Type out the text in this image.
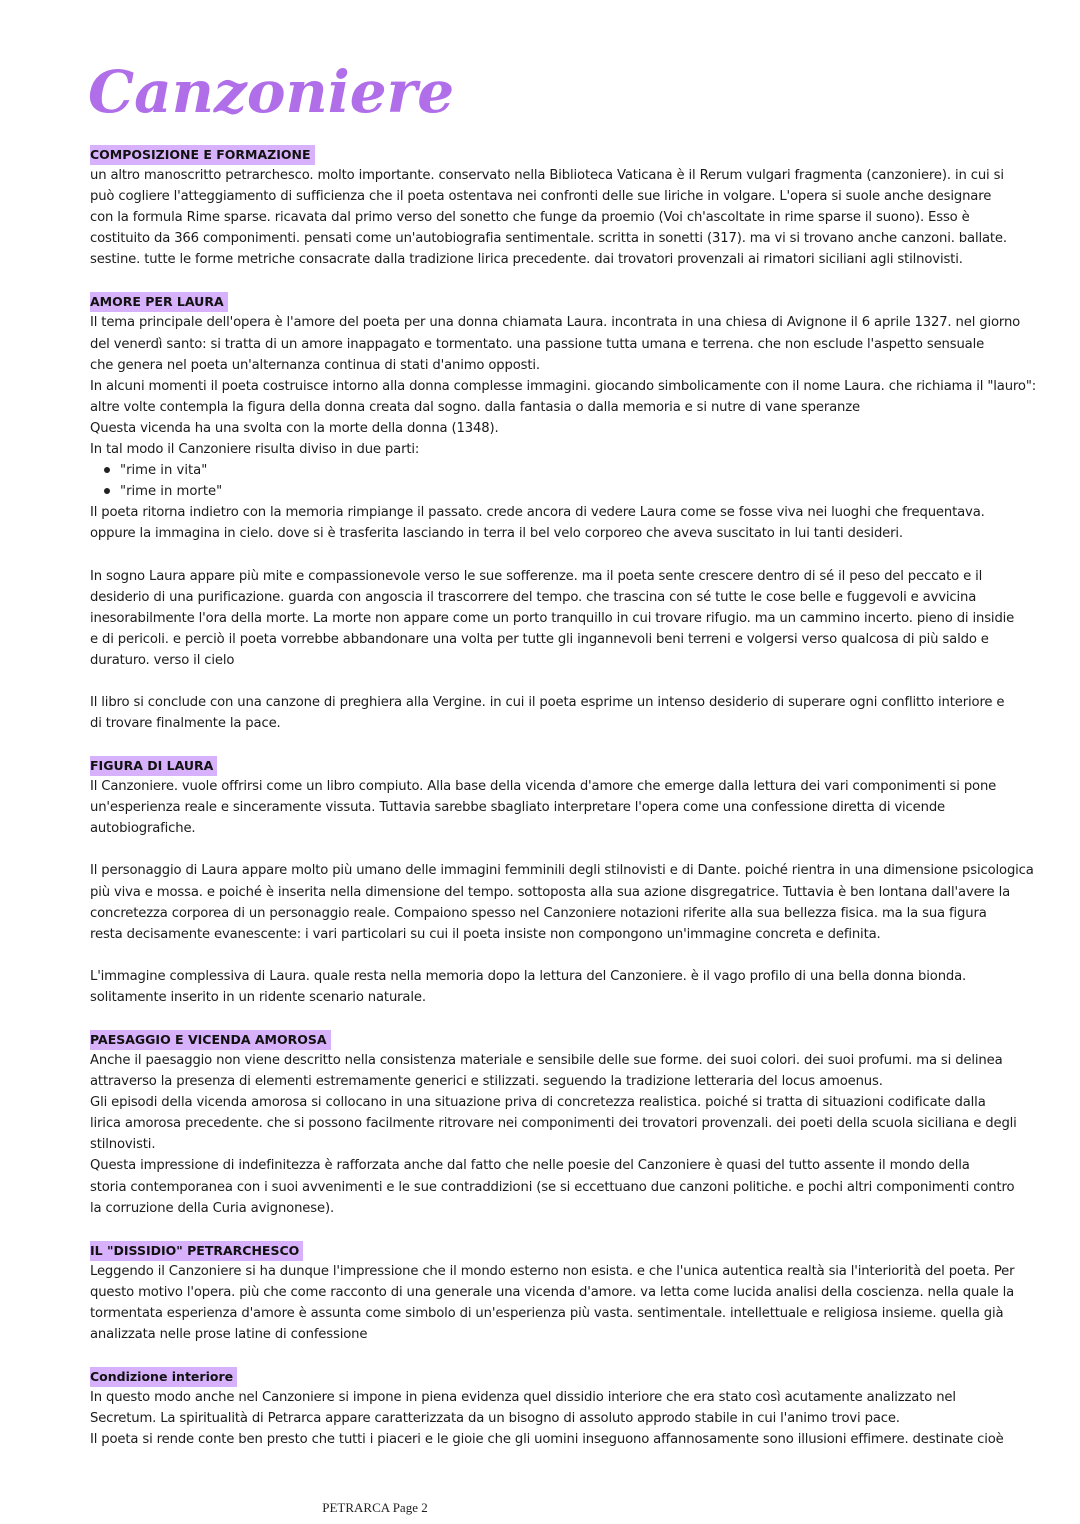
Canzoniere
COMPOSIZIONE E FORMAZIONE
un altro manoscritto petrarchesco. molto importante. conservato nella Biblioteca Vaticana è il Rerum vulgari fragmenta (canzoniere). in cui si
può cogliere l'atteggiamento di sufficienza che il poeta ostentava nei confronti delle sue liriche in volgare. L'opera si suole anche designare
con la formula Rime sparse. ricavata dal primo verso del sonetto che funge da proemio (Voi ch'ascoltate in rime sparse il suono). Esso è
costituito da 366 componimenti. pensati come un'autobiografia sentimentale. scritta in sonetti (317). ma vi si trovano anche canzoni. ballate.
sestine. tutte le forme metriche consacrate dalla tradizione lirica precedente. dai trovatori provenzali ai rimatori siciliani agli stilnovisti.
AMORE PER LAURA
Il tema principale dell'opera è l'amore del poeta per una donna chiamata Laura. incontrata in una chiesa di Avignone il 6 aprile 1327. nel giorno
del venerdì santo: si tratta di un amore inappagato e tormentato. una passione tutta umana e terrena. che non esclude l'aspetto sensuale
che genera nel poeta un'alternanza continua di stati d'animo opposti.
In alcuni momenti il poeta costruisce intorno alla donna complesse immagini. giocando simbolicamente con il nome Laura. che richiama il "lauro":
altre volte contempla la figura della donna creata dal sogno. dalla fantasia o dalla memoria e si nutre di vane speranze
Questa vicenda ha una svolta con la morte della donna (1348).
In tal modo il Canzoniere risulta diviso in due parti:
"rime in vita"
"rime in morte"
Il poeta ritorna indietro con la memoria rimpiange il passato. crede ancora di vedere Laura come se fosse viva nei luoghi che frequentava.
oppure la immagina in cielo. dove si è trasferita lasciando in terra il bel velo corporeo che aveva suscitato in lui tanti desideri.
In sogno Laura appare più mite e compassionevole verso le sue sofferenze. ma il poeta sente crescere dentro di sé il peso del peccato e il
desiderio di una purificazione. guarda con angoscia il trascorrere del tempo. che trascina con sé tutte le cose belle e fuggevoli e avvicina
inesorabilmente l'ora della morte. La morte non appare come un porto tranquillo in cui trovare rifugio. ma un cammino incerto. pieno di insidie
e di pericoli. e perciò il poeta vorrebbe abbandonare una volta per tutte gli ingannevoli beni terreni e volgersi verso qualcosa di più saldo e
duraturo. verso il cielo
Il libro si conclude con una canzone di preghiera alla Vergine. in cui il poeta esprime un intenso desiderio di superare ogni conflitto interiore e
di trovare finalmente la pace.
FIGURA DI LAURA
Il Canzoniere. vuole offrirsi come un libro compiuto. Alla base della vicenda d'amore che emerge dalla lettura dei vari componimenti si pone
un'esperienza reale e sinceramente vissuta. Tuttavia sarebbe sbagliato interpretare l'opera come una confessione diretta di vicende
autobiografiche.
Il personaggio di Laura appare molto più umano delle immagini femminili degli stilnovisti e di Dante. poiché rientra in una dimensione psicologica
più viva e mossa. e poiché è inserita nella dimensione del tempo. sottoposta alla sua azione disgregatrice. Tuttavia è ben lontana dall'avere la
concretezza corporea di un personaggio reale. Compaiono spesso nel Canzoniere notazioni riferite alla sua bellezza fisica. ma la sua figura
resta decisamente evanescente: i vari particolari su cui il poeta insiste non compongono un'immagine concreta e definita.
L'immagine complessiva di Laura. quale resta nella memoria dopo la lettura del Canzoniere. è il vago profilo di una bella donna bionda.
solitamente inserito in un ridente scenario naturale.
PAESAGGIO E VICENDA AMOROSA
Anche il paesaggio non viene descritto nella consistenza materiale e sensibile delle sue forme. dei suoi colori. dei suoi profumi. ma si delinea
attraverso la presenza di elementi estremamente generici e stilizzati. seguendo la tradizione letteraria del locus amoenus.
Gli episodi della vicenda amorosa si collocano in una situazione priva di concretezza realistica. poiché si tratta di situazioni codificate dalla
lirica amorosa precedente. che si possono facilmente ritrovare nei componimenti dei trovatori provenzali. dei poeti della scuola siciliana e degli
stilnovisti.
Questa impressione di indefinitezza è rafforzata anche dal fatto che nelle poesie del Canzoniere è quasi del tutto assente il mondo della
storia contemporanea con i suoi avvenimenti e le sue contraddizioni (se si eccettuano due canzoni politiche. e pochi altri componimenti contro
la corruzione della Curia avignonese).
IL "DISSIDIO" PETRARCHESCO
Leggendo il Canzoniere si ha dunque l'impressione che il mondo esterno non esista. e che l'unica autentica realtà sia l'interiorità del poeta. Per
questo motivo l'opera. più che come racconto di una generale una vicenda d'amore. va letta come lucida analisi della coscienza. nella quale la
tormentata esperienza d'amore è assunta come simbolo di un'esperienza più vasta. sentimentale. intellettuale e religiosa insieme. quella già
analizzata nelle prose latine di confessione
Condizione interiore
In questo modo anche nel Canzoniere si impone in piena evidenza quel dissidio interiore che era stato così acutamente analizzato nel
Secretum. La spiritualità di Petrarca appare caratterizzata da un bisogno di assoluto approdo stabile in cui l'animo trovi pace.
Il poeta si rende conte ben presto che tutti i piaceri e le gioie che gli uomini inseguono affannosamente sono illusioni effimere. destinate cioè
PETRARCA Page 2
